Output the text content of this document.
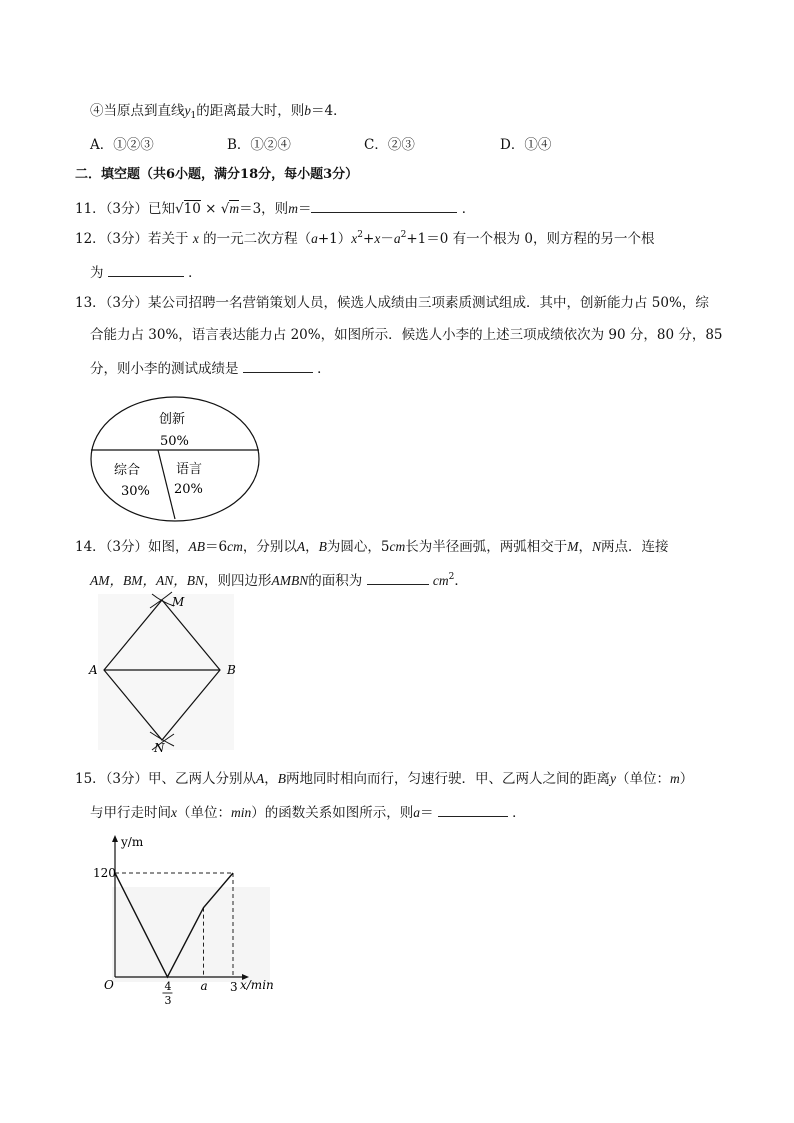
④当原点到直线$y_1$的距离最大时，则b＝4．
A．①②③	B．①②④	C．②③	D．①④
二．填空题（共6小题，满分18分，每小题3分）
11．（3分）已知√10 × √m＝3，则m＝	．
12．（3分）若关于 x 的一元二次方程$(a+1)x^2+x-a^2+1=0$ 有一个根为 0，则方程的另一个根
为	．
13．（3分）某公司招聘一名营销策划人员，候选人成绩由三项素质测试组成．其中，创新能力占 50%，综
合能力占 30%，语言表达能力占 20%，如图所示．候选人小李的上述三项成绩依次为 90 分，80 分，85
分，则小李的测试成绩是	．
创新
50%
综合
30%
语言
20%
14．（3分）如图，AB＝6cm，分别以A，B为圆心，5cm长为半径画弧，两弧相交于M，N两点．连接
AM，BM，AN，BN，则四边形AMBN的面积为	$cm^2$．
M
N
A	B
15．（3分）甲、乙两人分别从A，B两地同时相向而行，匀速行驶．甲、乙两人之间的距离y（单位：m）
与甲行走时间x（单位：min）的函数关系如图所示，则a＝	．
y/m
x/min
O
120
4
3
a 3
